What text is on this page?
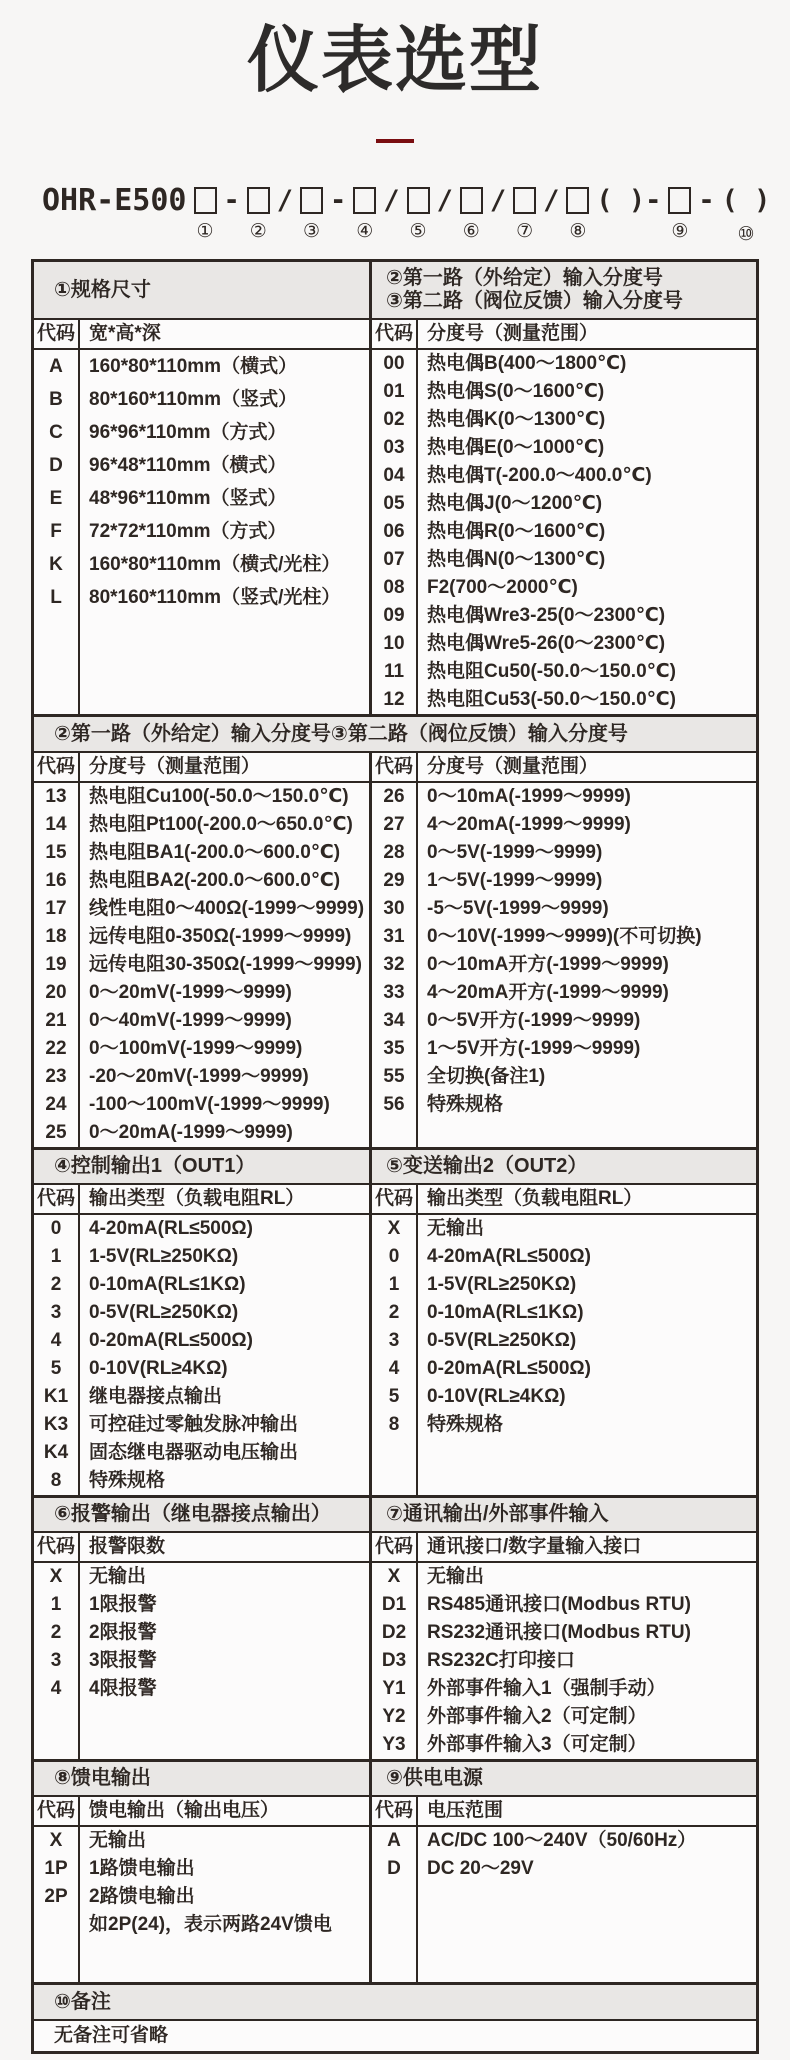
仪表选型
OHR-E500
①
-
②
/
③
-
④
/
⑤
/
⑥
/
⑦
/
⑧
( )-
⑨
- ( )
⑩
①规格尺寸
②第一路（外给定）输入分度号
③第二路（阀位反馈）输入分度号
代码 宽*高*深
A	160*80*110mm（横式）
B	80*160*110mm（竖式）
C	96*96*110mm（方式）
D	96*48*110mm（横式）
E	48*96*110mm（竖式）
F	72*72*110mm（方式）
K	160*80*110mm（横式/光柱）
L	80*160*110mm（竖式/光柱）
代码 分度号（测量范围）
00	热电偶B(400～1800℃)
01	热电偶S(0～1600℃)
02	热电偶K(0～1300℃)
03	热电偶E(0～1000℃)
04	热电偶T(-200.0～400.0℃)
05	热电偶J(0～1200℃)
06	热电偶R(0～1600℃)
07	热电偶N(0～1300℃)
08	F2(700～2000℃)
09	热电偶Wre3-25(0～2300℃)
10	热电偶Wre5-26(0～2300℃)
11	热电阻Cu50(-50.0～150.0℃)
12	热电阻Cu53(-50.0～150.0℃)
②第一路（外给定）输入分度号③第二路（阀位反馈）输入分度号
代码 分度号（测量范围）
13	热电阻Cu100(-50.0～150.0℃)
14	热电阻Pt100(-200.0～650.0℃)
15	热电阻BA1(-200.0～600.0℃)
16	热电阻BA2(-200.0～600.0℃)
17	线性电阻0～400Ω(-1999～9999)
18	远传电阻0-350Ω(-1999～9999)
19	远传电阻30-350Ω(-1999～9999)
20	0～20mV(-1999～9999)
21	0～40mV(-1999～9999)
22	0～100mV(-1999～9999)
23	-20～20mV(-1999～9999)
24	-100～100mV(-1999～9999)
25	0～20mA(-1999～9999)
代码 分度号（测量范围）
26	0～10mA(-1999～9999)
27	4～20mA(-1999～9999)
28	0～5V(-1999～9999)
29	1～5V(-1999～9999)
30	-5～5V(-1999～9999)
31	0～10V(-1999～9999)(不可切换)
32	0～10mA开方(-1999～9999)
33	4～20mA开方(-1999～9999)
34	0～5V开方(-1999～9999)
35	1～5V开方(-1999～9999)
55	全切换(备注1)
56	特殊规格
④控制输出1（OUT1）	⑤变送输出2（OUT2）
代码 输出类型（负载电阻RL）
0	4-20mA(RL≤500Ω)
1	1-5V(RL≥250KΩ)
2	0-10mA(RL≤1KΩ)
3	0-5V(RL≥250KΩ)
4	0-20mA(RL≤500Ω)
5	0-10V(RL≥4KΩ)
K1	继电器接点输出
K3	可控硅过零触发脉冲输出
K4	固态继电器驱动电压输出
8	特殊规格
代码 输出类型（负载电阻RL）
X	无输出
0	4-20mA(RL≤500Ω)
1	1-5V(RL≥250KΩ)
2	0-10mA(RL≤1KΩ)
3	0-5V(RL≥250KΩ)
4	0-20mA(RL≤500Ω)
5	0-10V(RL≥4KΩ)
8	特殊规格
⑥报警输出（继电器接点输出）	⑦通讯输出/外部事件输入
代码 报警限数
X	无输出
1	1限报警
2	2限报警
3	3限报警
4	4限报警
代码 通讯接口/数字量输入接口
X	无输出
D1	RS485通讯接口(Modbus RTU)
D2	RS232通讯接口(Modbus RTU)
D3	RS232C打印接口
Y1	外部事件输入1（强制手动）
Y2	外部事件输入2（可定制）
Y3	外部事件输入3（可定制）
⑧馈电输出	⑨供电电源
代码 馈电输出（输出电压）
X	无输出
1P	1路馈电输出
2P	2路馈电输出
如2P(24)，表示两路24V馈电
代码 电压范围
A	AC/DC 100～240V（50/60Hz）
D	DC 20～29V
⑩备注
无备注可省略
